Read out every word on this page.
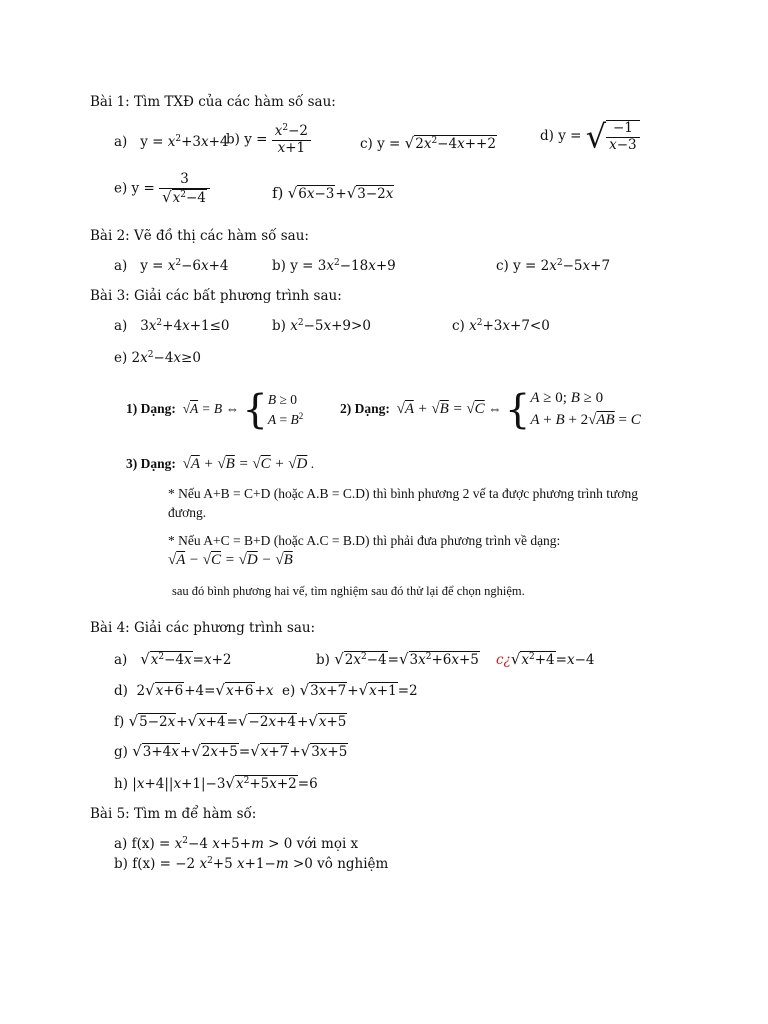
Bài 1: Tìm TXĐ của các hàm số sau:
a)   $y = x^2+3x+4$
b) $y = \frac{x^2-2}{x+1}$	c) $y = √2x^2-4x++2$	d) y = √ $\frac{-1}{x-3}$
e) $y = \frac{3}{√x^2-4}$	f) √6x−3+√3−2x
Bài 2: Vẽ đồ thị các hàm số sau:
a)   $y = x^2-6x+4$	b) $y = 3x^2-18x+9$	c) $y = 2x^2-5x+7$
Bài 3: Giải các bất phương trình sau:
a)   $3x^2+4x+1\le 0$	b) $x^2-5x+9>0$	c) $x^2+3x+7<0$
e) $2x^2-4x\ge 0$
1) Dạng: √A = B ⇔ {B ≥ 0
$A = B^2$
2) Dạng: √A + √B = √C ⇔ {A ≥ 0; B ≥ 0
A + B + 2√AB = C
3) Dạng: √A + √B = √C + √D .
* Nếu A+B = C+D (hoặc A.B = C.D) thì bình phương 2 vế ta được phương trình tương
đương.
* Nếu A+C = B+D (hoặc A.C = B.D) thì phải đưa phương trình về dạng:
√A − √C = √D − √B
sau đó bình phương hai vế, tìm nghiệm sau đó thử lại để chọn nghiệm.
Bài 4: Giải các phương trình sau:
a) $√x^2-4x=x+2$	b) $√2x^2-4=√3x^2+6x+5$ $c¿√x^2+4=x-4$
d)  2√x+6+4=√x+6+x e) √3x+7+√x+1=2
f) √5−2x+√x+4=√−2x+4+√x+5
g) √3+4x+√2x+5=√x+7+√3x+5
h) $|x+4||x+1|-3√x^2+5x+2=6$
Bài 5: Tìm m để hàm số:
a) $f(x) = x^2-4$ x+5+m > 0 với mọi x
b) f(x) = −2 $x^2+5$ x+1−m >0 vô nghiệm
